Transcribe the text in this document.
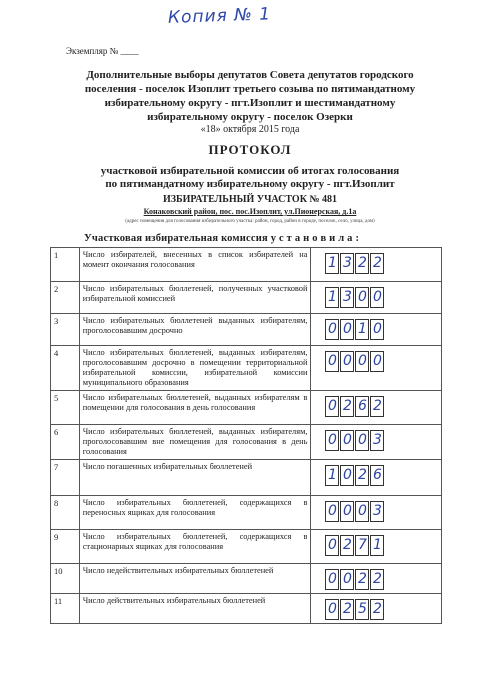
Копия № 1
Экземпляр № ____
Дополнительные выборы депутатов Совета депутатов городского
поселения - поселок Изоплит третьего созыва по пятимандатному
избирательному округу - пгт.Изоплит и шестимандатному
избирательному округу - поселок Озерки
«18» октября 2015 года
ПРОТОКОЛ
участковой избирательной комиссии об итогах голосования
по пятимандатному избирательному округу - пгт.Изоплит
ИЗБИРАТЕЛЬНЫЙ УЧАСТОК № 481
Конаковский район, пос. пос.Изоплит, ул.Пионерская, д.1а
(адрес помещения для голосования избирательного участка: район, город, район в городе, поселок, село, улица, дом)
Участковая избирательная комиссия у с т а н о в и л а :
1	Число избирателей, внесенных в список избирателей на момент окончания голосования	1 3 2 2

2	Число избирательных бюллетеней, полученных участковой избирательной комиссией	1 3 0 0

3	Число избирательных бюллетеней выданных избирателям, проголосовавшим досрочно	0 0 1 0

4	Число избирательных бюллетеней, выданных избирателям, проголосовавшим досрочно в помещении территориальной избирательной комиссии, избирательной комиссии муниципального образования	0 0 0 0

5	Число избирательных бюллетеней, выданных избирателям в помещении для голосования в день голосования	0 2 6 2

6	Число избирательных бюллетеней, выданных избирателям, проголосовавшим вне помещения для голосования в день голосования	0 0 0 3

7	Число погашенных избирательных бюллетеней	1 0 2 6

8	Число избирательных бюллетеней, содержащихся в переносных ящиках для голосования	0 0 0 3

9	Число избирательных бюллетеней, содержащихся в стационарных ящиках для голосования	0 2 7 1

10	Число недействительных избирательных бюллетеней	0 0 2 2

11	Число действительных избирательных бюллетеней	0 2 5 2
